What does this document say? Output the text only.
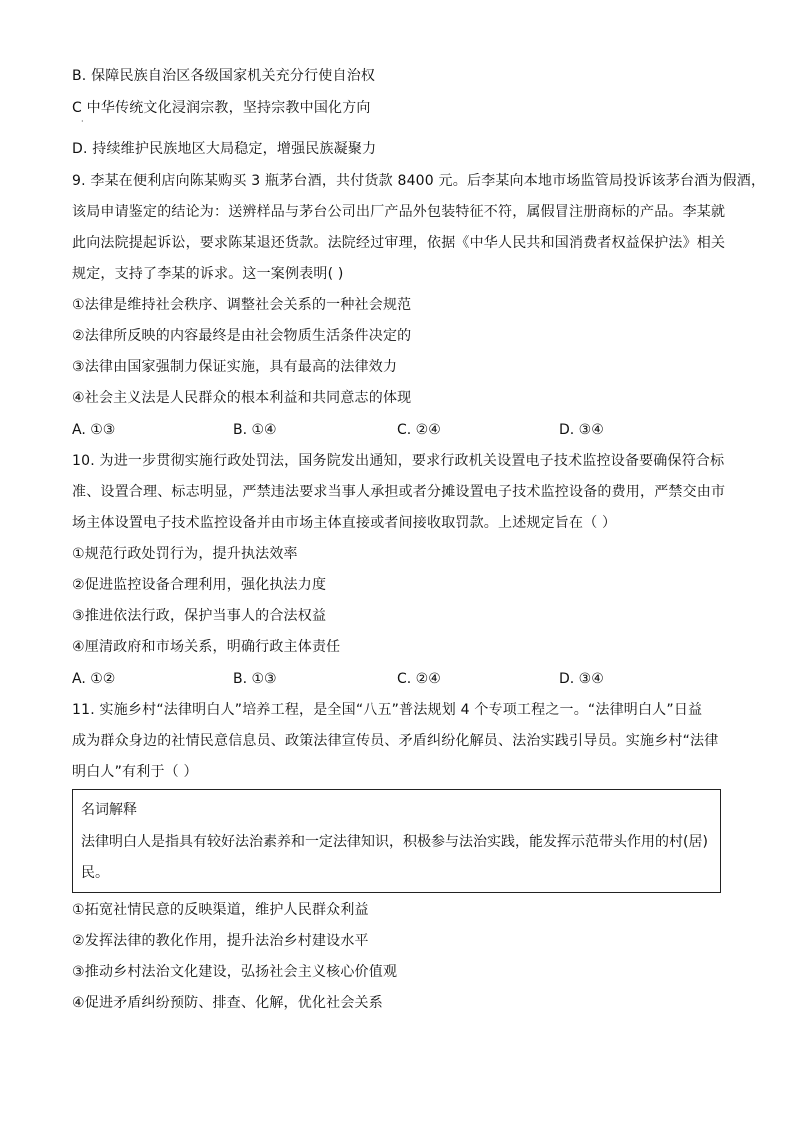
B. 保障民族自治区各级国家机关充分行使自治权
C 中华传统文化浸润宗教，坚持宗教中国化方向
·
D. 持续维护民族地区大局稳定，增强民族凝聚力
9. 李某在便利店向陈某购买 3 瓶茅台酒，共付货款 8400 元。后李某向本地市场监管局投诉该茅台酒为假酒，
该局申请鉴定的结论为：送辨样品与茅台公司出厂产品外包装特征不符，属假冒注册商标的产品。李某就
此向法院提起诉讼，要求陈某退还货款。法院经过审理，依据《中华人民共和国消费者权益保护法》相关
规定，支持了李某的诉求。这一案例表明( )
①法律是维持社会秩序、调整社会关系的一种社会规范
②法律所反映的内容最终是由社会物质生活条件决定的
③法律由国家强制力保证实施，具有最高的法律效力
④社会主义法是人民群众的根本利益和共同意志的体现
A. ①③	B. ①④	C. ②④	D. ③④
10. 为进一步贯彻实施行政处罚法，国务院发出通知，要求行政机关设置电子技术监控设备要确保符合标
准、设置合理、标志明显，严禁违法要求当事人承担或者分摊设置电子技术监控设备的费用，严禁交由市
场主体设置电子技术监控设备并由市场主体直接或者间接收取罚款。上述规定旨在（ ）
①规范行政处罚行为，提升执法效率
②促进监控设备合理利用，强化执法力度
③推进依法行政，保护当事人的合法权益
④厘清政府和市场关系，明确行政主体责任
A. ①②	B. ①③	C. ②④	D. ③④
11. 实施乡村“法律明白人”培养工程，是全国“八五”普法规划 4 个专项工程之一。“法律明白人”日益
成为群众身边的社情民意信息员、政策法律宣传员、矛盾纠纷化解员、法治实践引导员。实施乡村“法律
明白人”有利于（ ）
名词解释
法律明白人是指具有较好法治素养和一定法律知识，积极参与法治实践，能发挥示范带头作用的村(居)
民。
①拓宽社情民意的反映渠道，维护人民群众利益
②发挥法律的教化作用，提升法治乡村建设水平
③推动乡村法治文化建设，弘扬社会主义核心价值观
④促进矛盾纠纷预防、排查、化解，优化社会关系
